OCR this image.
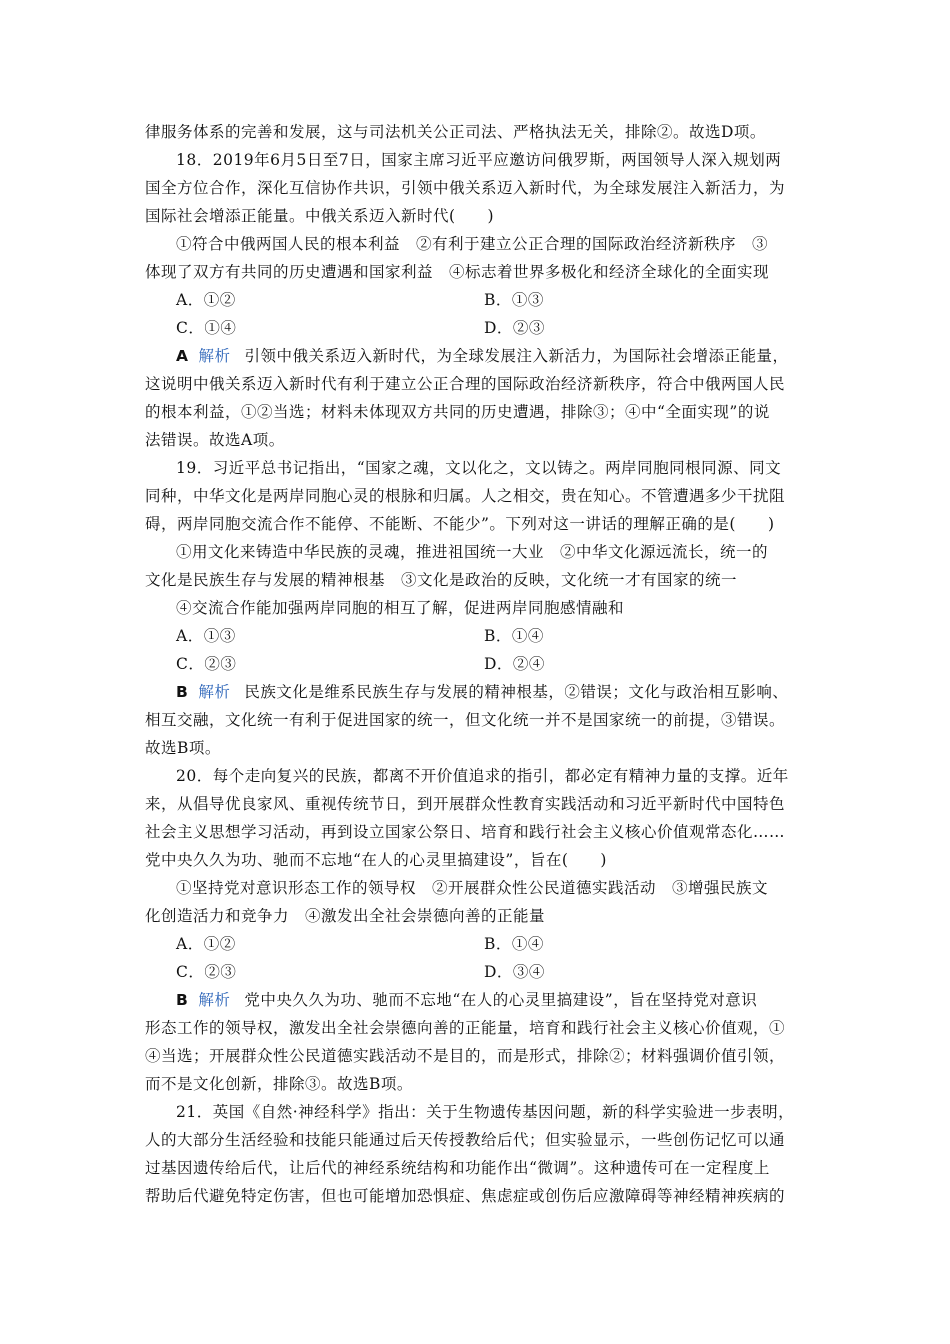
律服务体系的完善和发展，这与司法机关公正司法、严格执法无关，排除②。故选D项。
18．2019年6月5日至7日，国家主席习近平应邀访问俄罗斯，两国领导人深入规划两
国全方位合作，深化互信协作共识，引领中俄关系迈入新时代，为全球发展注入新活力，为
国际社会增添正能量。中俄关系迈入新时代(　　)
①符合中俄两国人民的根本利益　②有利于建立公正合理的国际政治经济新秩序　③
体现了双方有共同的历史遭遇和国家利益　④标志着世界多极化和经济全球化的全面实现
A．①②	B．①③
C．①④	D．②③
A 解析 引领中俄关系迈入新时代，为全球发展注入新活力，为国际社会增添正能量，
这说明中俄关系迈入新时代有利于建立公正合理的国际政治经济新秩序，符合中俄两国人民
的根本利益，①②当选；材料未体现双方共同的历史遭遇，排除③；④中“全面实现”的说
法错误。故选A项。
19．习近平总书记指出，“国家之魂，文以化之，文以铸之。两岸同胞同根同源、同文
同种，中华文化是两岸同胞心灵的根脉和归属。人之相交，贵在知心。不管遭遇多少干扰阻
碍，两岸同胞交流合作不能停、不能断、不能少”。下列对这一讲话的理解正确的是(　　)
①用文化来铸造中华民族的灵魂，推进祖国统一大业　②中华文化源远流长，统一的
文化是民族生存与发展的精神根基　③文化是政治的反映，文化统一才有国家的统一
④交流合作能加强两岸同胞的相互了解，促进两岸同胞感情融和
A．①③	B．①④
C．②③	D．②④
B 解析 民族文化是维系民族生存与发展的精神根基，②错误；文化与政治相互影响、
相互交融，文化统一有利于促进国家的统一，但文化统一并不是国家统一的前提，③错误。
故选B项。
20．每个走向复兴的民族，都离不开价值追求的指引，都必定有精神力量的支撑。近年
来，从倡导优良家风、重视传统节日，到开展群众性教育实践活动和习近平新时代中国特色
社会主义思想学习活动，再到设立国家公祭日、培育和践行社会主义核心价值观常态化……
党中央久久为功、驰而不忘地“在人的心灵里搞建设”，旨在(　　)
①坚持党对意识形态工作的领导权　②开展群众性公民道德实践活动　③增强民族文
化创造活力和竞争力　④激发出全社会崇德向善的正能量
A．①②	B．①④
C．②③	D．③④
B 解析 党中央久久为功、驰而不忘地“在人的心灵里搞建设”，旨在坚持党对意识
形态工作的领导权，激发出全社会崇德向善的正能量，培育和践行社会主义核心价值观，①
④当选；开展群众性公民道德实践活动不是目的，而是形式，排除②；材料强调价值引领，
而不是文化创新，排除③。故选B项。
21．英国《自然·神经科学》指出：关于生物遗传基因问题，新的科学实验进一步表明，
人的大部分生活经验和技能只能通过后天传授教给后代；但实验显示，一些创伤记忆可以通
过基因遗传给后代，让后代的神经系统结构和功能作出“微调”。这种遗传可在一定程度上
帮助后代避免特定伤害，但也可能增加恐惧症、焦虑症或创伤后应激障碍等神经精神疾病的
